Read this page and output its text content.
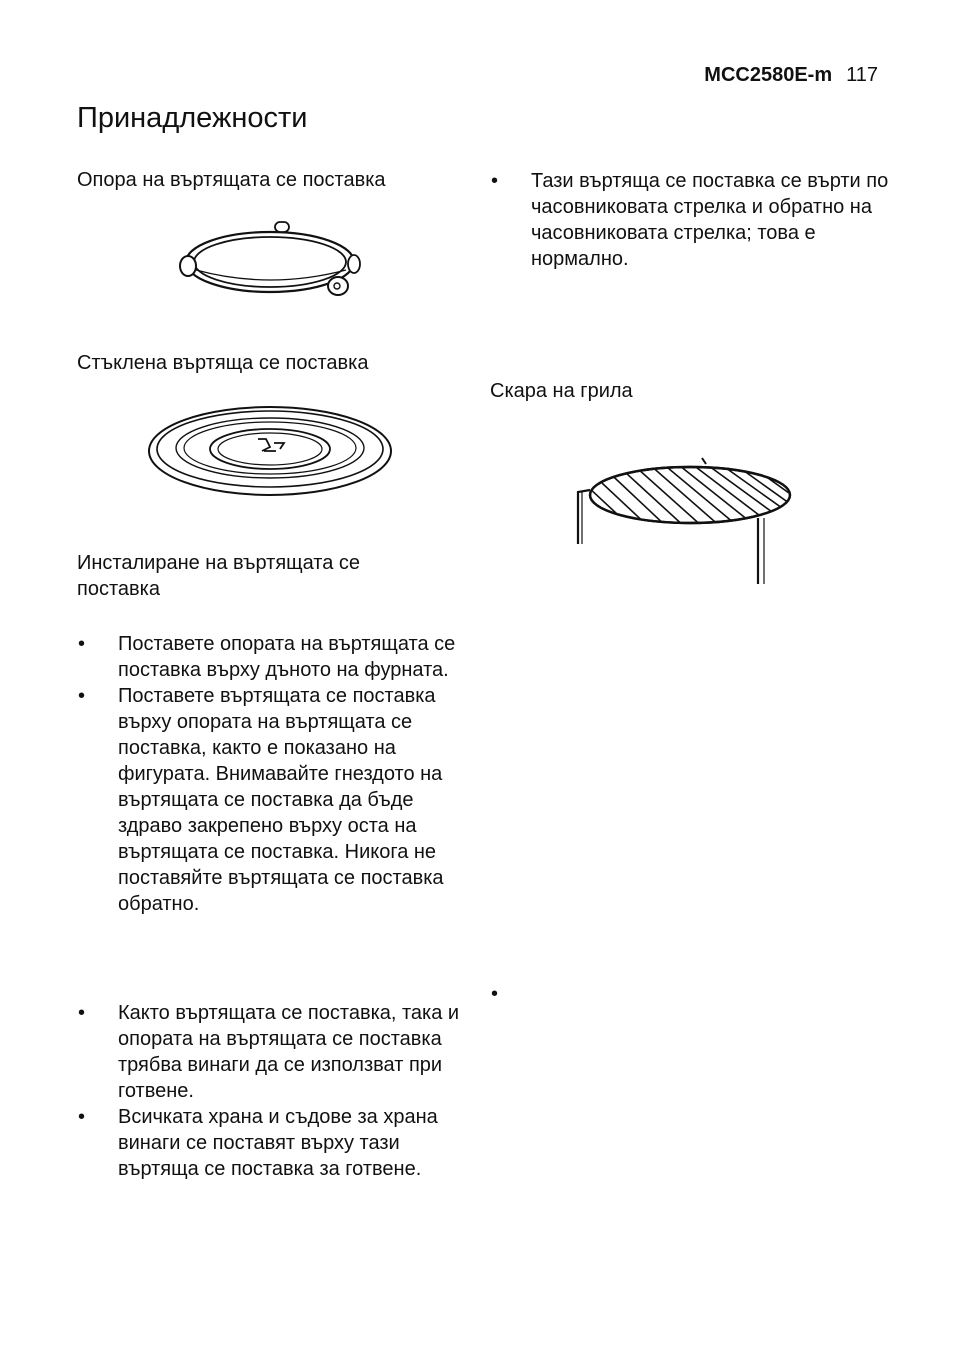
MCC2580E-m 117
Принадлежности
Опора на въртящата се поставка
Стъклена въртяща се поставка
Инсталиране на въртящата се поставка
• Поставете опората на въртящата се поставка върху дъното на фурната.
• Поставете въртящата се поставка върху опората на въртящата се поставка, както е показано на фигурата. Внимавайте гнездото на въртящата се поставка да бъде здраво закрепено върху оста на въртящата се поставка. Никога не поставяйте въртящата се поставка обратно.
• Както въртящата се поставка, така и опората на въртящата се поставка трябва винаги да се използват при готвене.
• Всичката храна и съдове за храна винаги се поставят върху тази въртяща се поставка за готвене.
• Тази въртяща се поставка се върти по часовниковата стрелка и обратно на часовниковата стрелка; това е нормално.
Скара на грила
•
